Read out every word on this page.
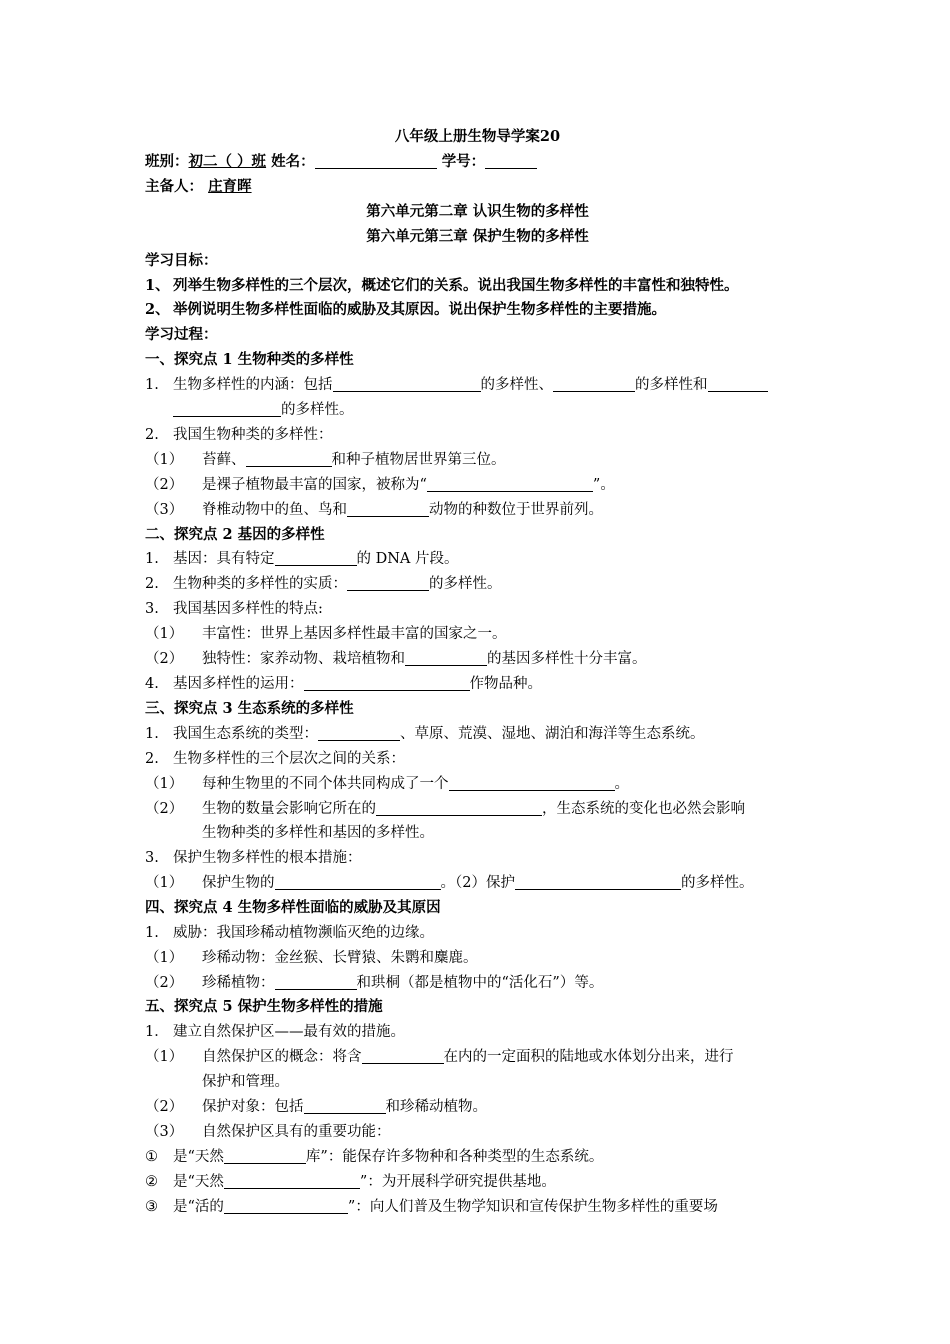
八年级上册生物导学案20
班别：初二（ ）班 姓名：	学号：
主备人： 庄育晖
第六单元第二章 认识生物的多样性
第六单元第三章 保护生物的多样性
学习目标：
1、 列举生物多样性的三个层次，概述它们的关系。说出我国生物多样性的丰富性和独特性。
2、 举例说明生物多样性面临的威胁及其原因。说出保护生物多样性的主要措施。
学习过程：
一、探究点 1 生物种类的多样性
1. 生物多样性的内涵：包括	的多样性、	的多样性和
的多样性。
2. 我国生物种类的多样性：
（1） 苔藓、	和种子植物居世界第三位。
（2） 是裸子植物最丰富的国家，被称为“	”。
（3） 脊椎动物中的鱼、鸟和	动物的种数位于世界前列。
二、探究点 2 基因的多样性
1. 基因：具有特定	的 DNA 片段。
2. 生物种类的多样性的实质：	的多样性。
3. 我国基因多样性的特点:
（1） 丰富性：世界上基因多样性最丰富的国家之一。
（2） 独特性：家养动物、栽培植物和	的基因多样性十分丰富。
4. 基因多样性的运用：	作物品种。
三、探究点 3 生态系统的多样性
1. 我国生态系统的类型：	、草原、荒漠、湿地、湖泊和海洋等生态系统。
2. 生物多样性的三个层次之间的关系：
（1） 每种生物里的不同个体共同构成了一个	。
（2） 生物的数量会影响它所在的	，生态系统的变化也必然会影响
生物种类的多样性和基因的多样性。
3. 保护生物多样性的根本措施：
（1） 保护生物的	。（2）保护	的多样性。
四、探究点 4 生物多样性面临的威胁及其原因
1. 威胁：我国珍稀动植物濒临灭绝的边缘。
（1） 珍稀动物：金丝猴、长臂猿、朱鹮和麋鹿。
（2） 珍稀植物：	和珙桐（都是植物中的“活化石”）等。
五、探究点 5 保护生物多样性的措施
1． 建立自然保护区——最有效的措施。
（1） 自然保护区的概念：将含	在内的一定面积的陆地或水体划分出来，进行
保护和管理。
（2） 保护对象：包括	和珍稀动植物。
（3） 自然保护区具有的重要功能：
① 是“天然	库”：能保存许多物种和各种类型的生态系统。
② 是“天然	”：为开展科学研究提供基地。
③ 是“活的	”：向人们普及生物学知识和宣传保护生物多样性的重要场
